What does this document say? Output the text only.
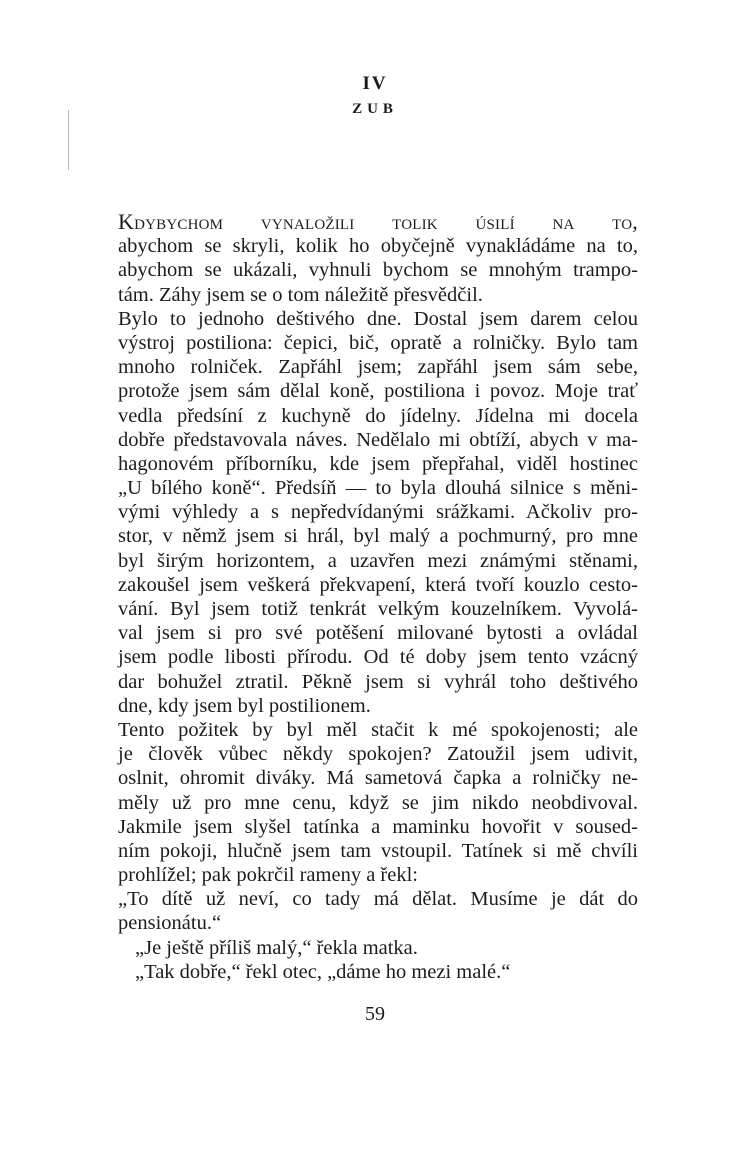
IV
ZUB
Kdybychom vynaložili tolik úsilí na to,
abychom se skryli, kolik ho obyčejně vynakládáme na to,
abychom se ukázali, vyhnuli bychom se mnohým trampo-
tám. Záhy jsem se o tom náležitě přesvědčil.
Bylo to jednoho deštivého dne. Dostal jsem darem celou
výstroj postiliona: čepici, bič, opratě a rolničky. Bylo tam
mnoho rolniček. Zapřáhl jsem; zapřáhl jsem sám sebe,
protože jsem sám dělal koně, postiliona i povoz. Moje trať
vedla předsíní z kuchyně do jídelny. Jídelna mi docela
dobře představovala náves. Nedělalo mi obtíží, abych v ma-
hagonovém příborníku, kde jsem přepřahal, viděl hostinec
„U bílého koně“. Předsíň — to byla dlouhá silnice s měni-
vými výhledy a s nepředvídanými srážkami. Ačkoliv pro-
stor, v němž jsem si hrál, byl malý a pochmurný, pro mne
byl širým horizontem, a uzavřen mezi známými stěnami,
zakoušel jsem veškerá překvapení, která tvoří kouzlo cesto-
vání. Byl jsem totiž tenkrát velkým kouzelníkem. Vyvolá-
val jsem si pro své potěšení milované bytosti a ovládal
jsem podle libosti přírodu. Od té doby jsem tento vzácný
dar bohužel ztratil. Pěkně jsem si vyhrál toho deštivého
dne, kdy jsem byl postilionem.
Tento požitek by byl měl stačit k mé spokojenosti; ale
je člověk vůbec někdy spokojen? Zatoužil jsem udivit,
oslnit, ohromit diváky. Má sametová čapka a rolničky ne-
měly už pro mne cenu, když se jim nikdo neobdivoval.
Jakmile jsem slyšel tatínka a maminku hovořit v soused-
ním pokoji, hlučně jsem tam vstoupil. Tatínek si mě chvíli
prohlížel; pak pokrčil rameny a řekl:
„To dítě už neví, co tady má dělat. Musíme je dát do
pensionátu.“
„Je ještě příliš malý,“ řekla matka.
„Tak dobře,“ řekl otec, „dáme ho mezi malé.“
59
